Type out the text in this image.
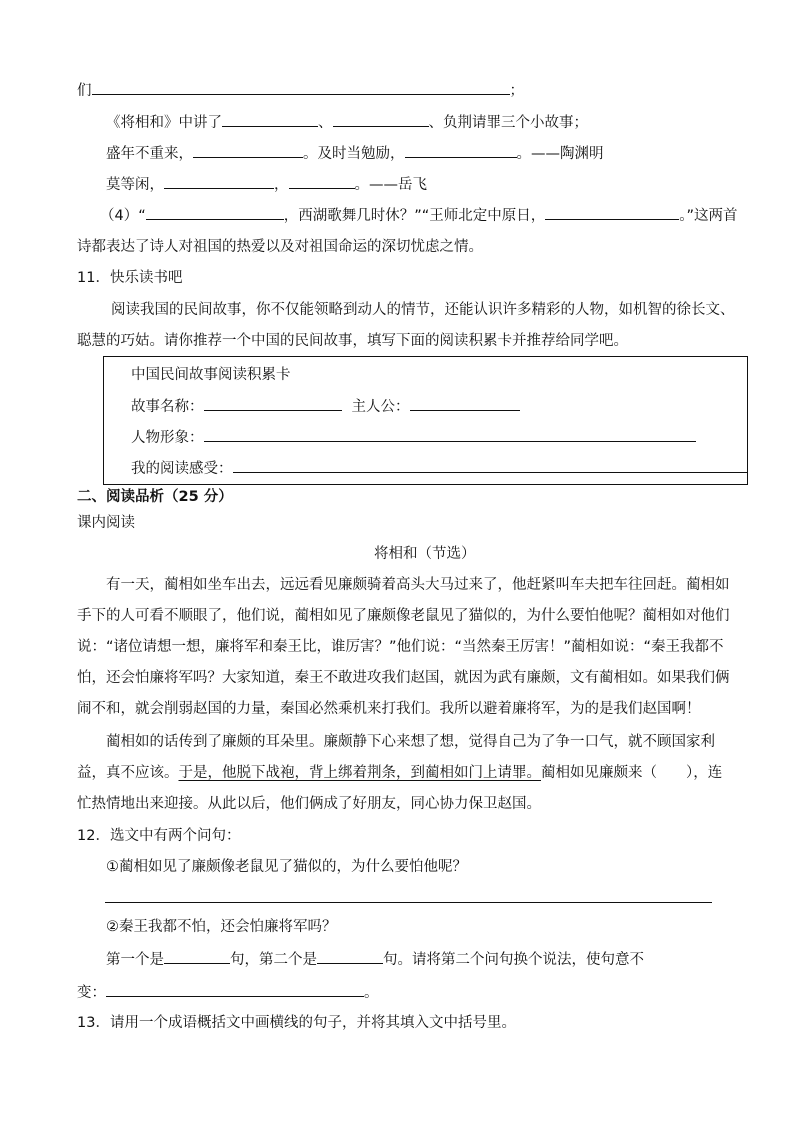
们	；
《将相和》中讲了	、	、负荆请罪三个小故事；
盛年不重来，	。及时当勉励，	。——陶渊明
莫等闲，	，	。——岳飞
（4）“	，西湖歌舞几时休？”“王师北定中原日，	。”这两首
诗都表达了诗人对祖国的热爱以及对祖国命运的深切忧虑之情。
11．快乐读书吧
阅读我国的民间故事，你不仅能领略到动人的情节，还能认识许多精彩的人物，如机智的徐长文、
聪慧的巧姑。请你推荐一个中国的民间故事，填写下面的阅读积累卡并推荐给同学吧。
中国民间故事阅读积累卡
故事名称：	主人公：
人物形象：
我的阅读感受：
二、阅读品析（25 分）
课内阅读
将相和（节选）
有一天，蔺相如坐车出去，远远看见廉颇骑着高头大马过来了，他赶紧叫车夫把车往回赶。蔺相如
手下的人可看不顺眼了，他们说，蔺相如见了廉颇像老鼠见了猫似的，为什么要怕他呢？蔺相如对他们
说：“诸位请想一想，廉将军和秦王比，谁厉害？”他们说：“当然秦王厉害！”蔺相如说：“秦王我都不
怕，还会怕廉将军吗？大家知道，秦王不敢进攻我们赵国，就因为武有廉颇，文有蔺相如。如果我们俩
闹不和，就会削弱赵国的力量，秦国必然乘机来打我们。我所以避着廉将军，为的是我们赵国啊！
蔺相如的话传到了廉颇的耳朵里。廉颇静下心来想了想，觉得自己为了争一口气，就不顾国家利
益，真不应该。于是，他脱下战袍，背上绑着荆条，到蔺相如门上请罪。蔺相如见廉颇来（　　），连
忙热情地出来迎接。从此以后，他们俩成了好朋友，同心协力保卫赵国。
12．选文中有两个问句：
①蔺相如见了廉颇像老鼠见了猫似的，为什么要怕他呢？
②秦王我都不怕，还会怕廉将军吗？
第一个是	句，第二个是	句。请将第二个问句换个说法，使句意不
变：	。
13．请用一个成语概括文中画横线的句子，并将其填入文中括号里。
